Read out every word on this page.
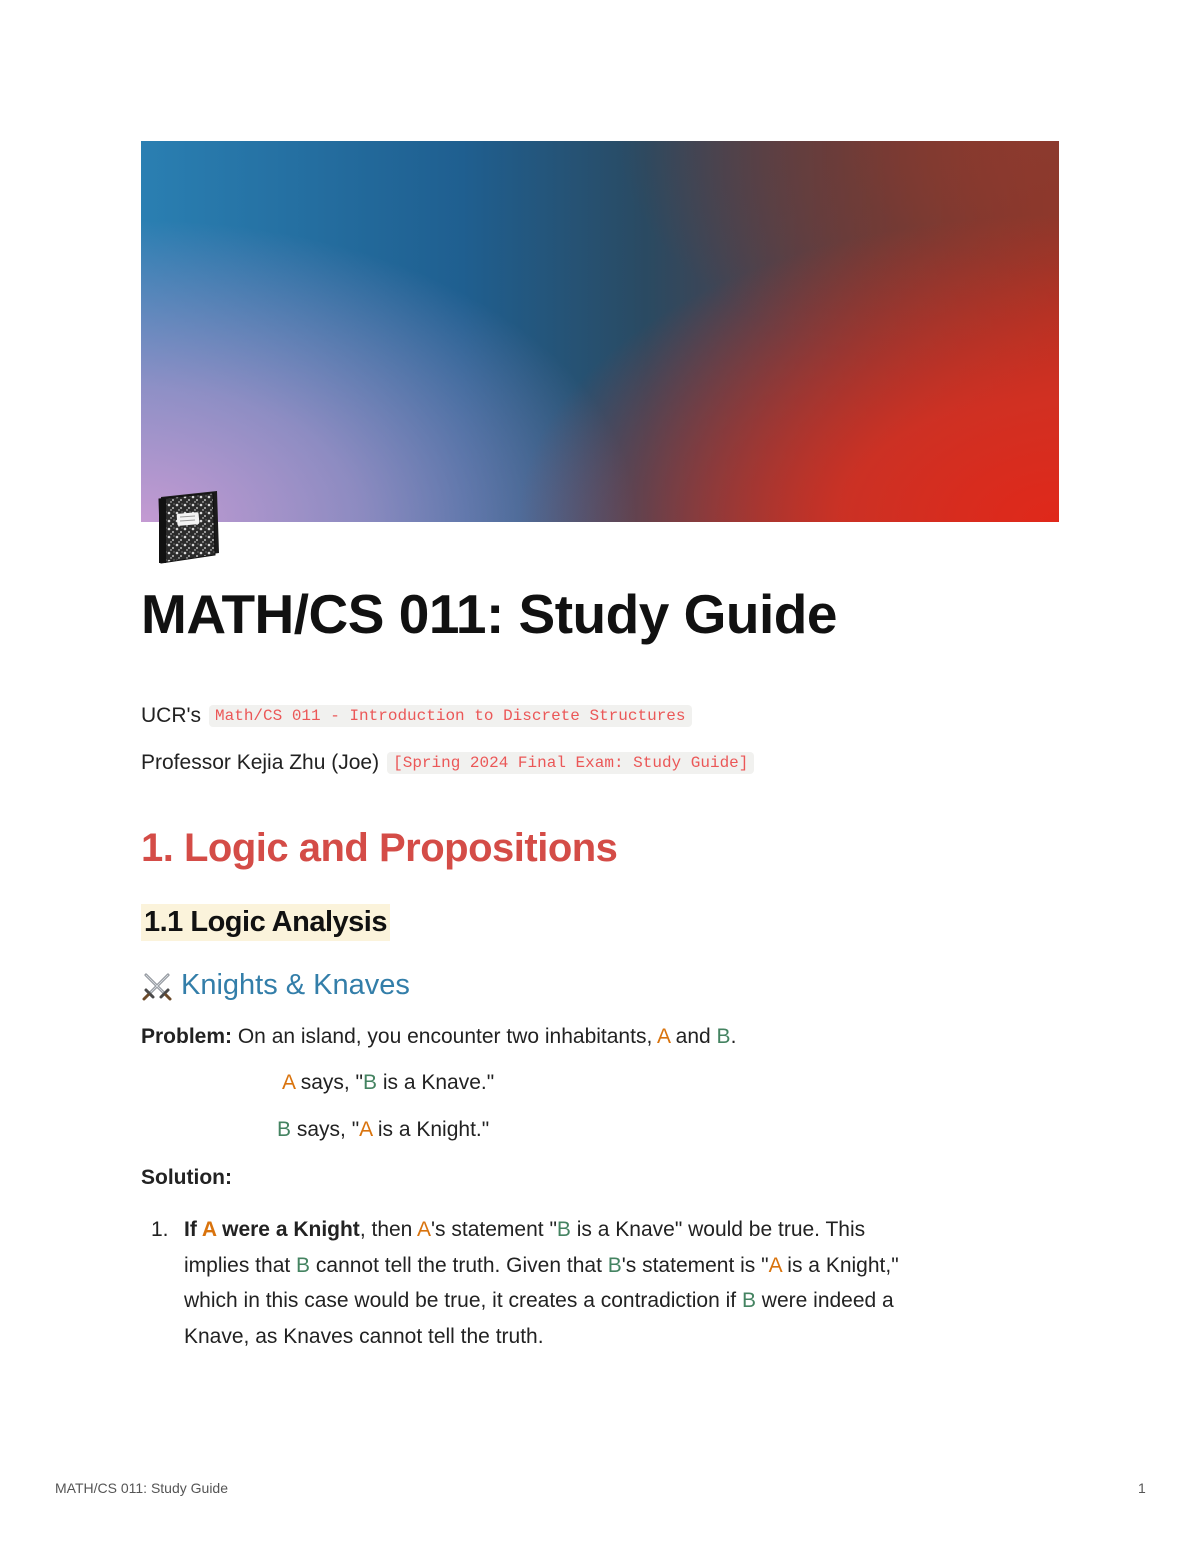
MATH/CS 011: Study Guide
UCR's Math/CS 011 - Introduction to Discrete Structures
Professor Kejia Zhu (Joe) [Spring 2024 Final Exam: Study Guide]
1. Logic and Propositions
1.1 Logic Analysis
Knights & Knaves
Problem: On an island, you encounter two inhabitants, A and B.
A says, "B is a Knave."
B says, "A is a Knight."
Solution:
1. If A were a Knight, then A's statement "B is a Knave" would be true. This
implies that B cannot tell the truth. Given that B's statement is "A is a Knight,"
which in this case would be true, it creates a contradiction if B were indeed a
Knave, as Knaves cannot tell the truth.
MATH/CS 011: Study Guide	1
